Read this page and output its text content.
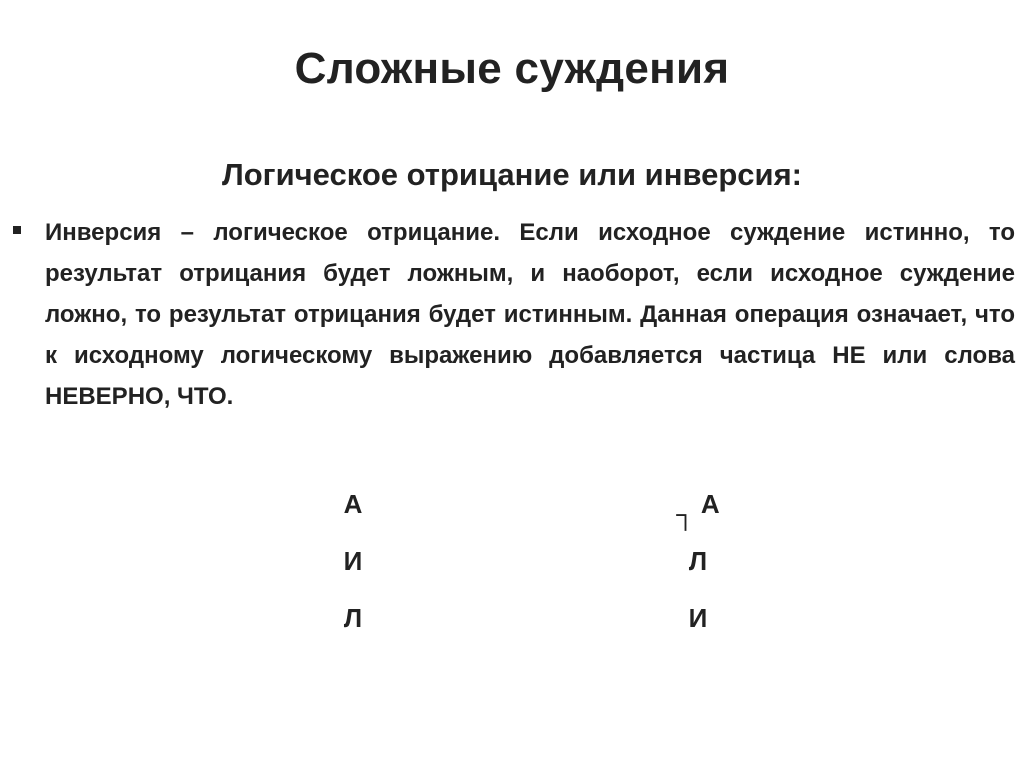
Сложные суждения
Логическое отрицание или инверсия:

Инверсия – логическое отрицание. Если исходное суждение истинно, то результат отрицания будет ложным, и наоборот, если исходное суждение ложно, то результат отрицания будет истинным. Данная операция означает, что к исходному логическому выражению добавляется частица НЕ или слова НЕВЕРНО, ЧТО.

А	┐ А
И	Л
Л	И
